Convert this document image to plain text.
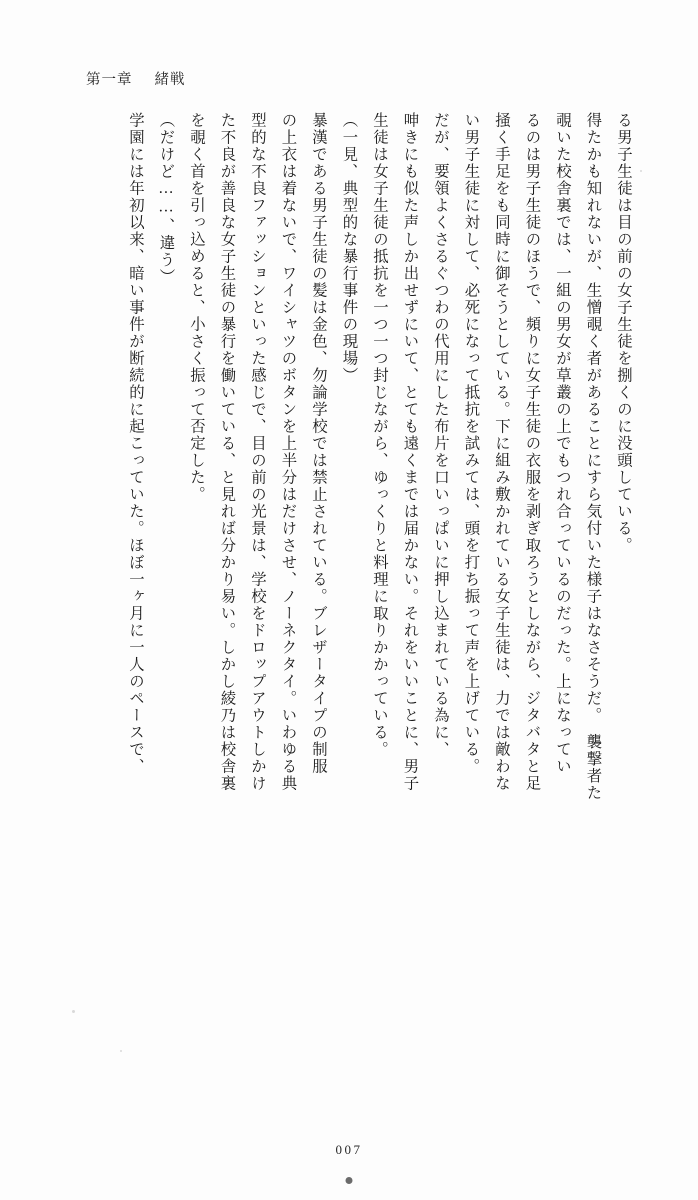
第一章 緒戦

る男子生徒は目の前の女子生徒を捌くのに没頭している。

得たかも知れないが、生憎覗く者があることにすら気付いた様子はなさそうだ。　襲撃者た

覗いた校舎裏では、一組の男女が草叢の上でもつれ合っているのだった。上になってい

るのは男子生徒のほうで、頻りに女子生徒の衣服を剥ぎ取ろうとしながら、ジタバタと足

掻く手足をも同時に御そうとしている。下に組み敷かれている女子生徒は、力では敵わな

い男子生徒に対して、必死になって抵抗を試みては、頭を打ち振って声を上げている。

だが、要領よくさるぐつわの代用にした布片を口いっぱいに押し込まれている為に、

呻きにも似た声しか出せずにいて、とても遠くまでは届かない。それをいいことに、男子

生徒は女子生徒の抵抗を一つ一つ封じながら、ゆっくりと料理に取りかかっている。

（一見、典型的な暴行事件の現場）

暴漢である男子生徒の髪は金色、勿論学校では禁止されている。ブレザータイプの制服

の上衣は着ないで、ワイシャツのボタンを上半分はだけさせ、ノーネクタイ。いわゆる典

型的な不良ファッションといった感じで、目の前の光景は、学校をドロップアウトしかけ

た不良が善良な女子生徒の暴行を働いている、と見れば分かり易い。しかし綾乃は校舎裏

を覗く首を引っ込めると、小さく振って否定した。

（だけど……、違う）

学園には年初以来、暗い事件が断続的に起こっていた。ほぼ一ヶ月に一人のペースで、

007
